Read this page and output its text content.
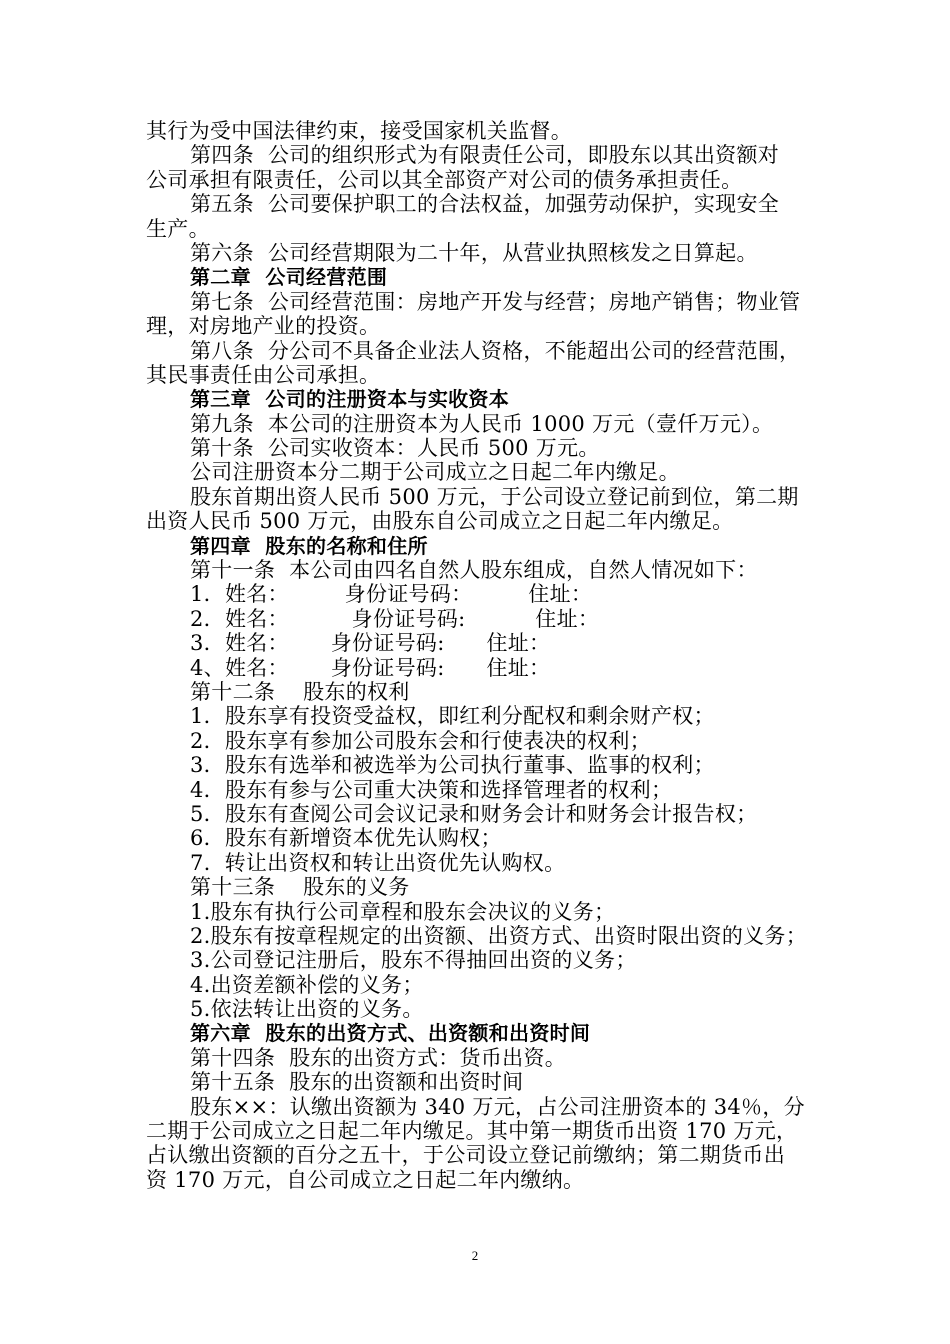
其行为受中国法律约束，接受国家机关监督。
第四条  公司的组织形式为有限责任公司，即股东以其出资额对
公司承担有限责任，公司以其全部资产对公司的债务承担责任。
第五条  公司要保护职工的合法权益，加强劳动保护，实现安全
生产。
第六条  公司经营期限为二十年，从营业执照核发之日算起。
第二章  公司经营范围
第七条  公司经营范围：房地产开发与经营；房地产销售；物业管
理，对房地产业的投资。
第八条  分公司不具备企业法人资格，不能超出公司的经营范围，
其民事责任由公司承担。
第三章  公司的注册资本与实收资本
第九条  本公司的注册资本为人民币 1000 万元（壹仟万元）。
第十条  公司实收资本：人民币 500 万元。
公司注册资本分二期于公司成立之日起二年内缴足。
股东首期出资人民币 500 万元，于公司设立登记前到位，第二期
出资人民币 500 万元，由股东自公司成立之日起二年内缴足。
第四章  股东的名称和住所
第十一条  本公司由四名自然人股东组成，自然人情况如下：
1．姓名：        身份证号码：        住址：
2．姓名：         身份证号码:          住址：
3．姓名：      身份证号码:      住址：
4、姓名：      身份证号码:      住址：
第十二条    股东的权利
1．股东享有投资受益权，即红利分配权和剩余财产权；
2．股东享有参加公司股东会和行使表决的权利；
3．股东有选举和被选举为公司执行董事、监事的权利；
4．股东有参与公司重大决策和选择管理者的权利；
5．股东有查阅公司会议记录和财务会计和财务会计报告权；
6．股东有新增资本优先认购权；
7.  转让出资权和转让出资优先认购权。
第十三条    股东的义务
1.股东有执行公司章程和股东会决议的义务；
2.股东有按章程规定的出资额、出资方式、出资时限出资的义务；
3.公司登记注册后，股东不得抽回出资的义务；
4.出资差额补偿的义务；
5.依法转让出资的义务。
第六章  股东的出资方式、出资额和出资时间
第十四条  股东的出资方式：货币出资。
第十五条  股东的出资额和出资时间
股东××：认缴出资额为 340 万元，占公司注册资本的 34％，分
二期于公司成立之日起二年内缴足。其中第一期货币出资 170 万元，
占认缴出资额的百分之五十，于公司设立登记前缴纳；第二期货币出
资 170 万元，自公司成立之日起二年内缴纳。
2
